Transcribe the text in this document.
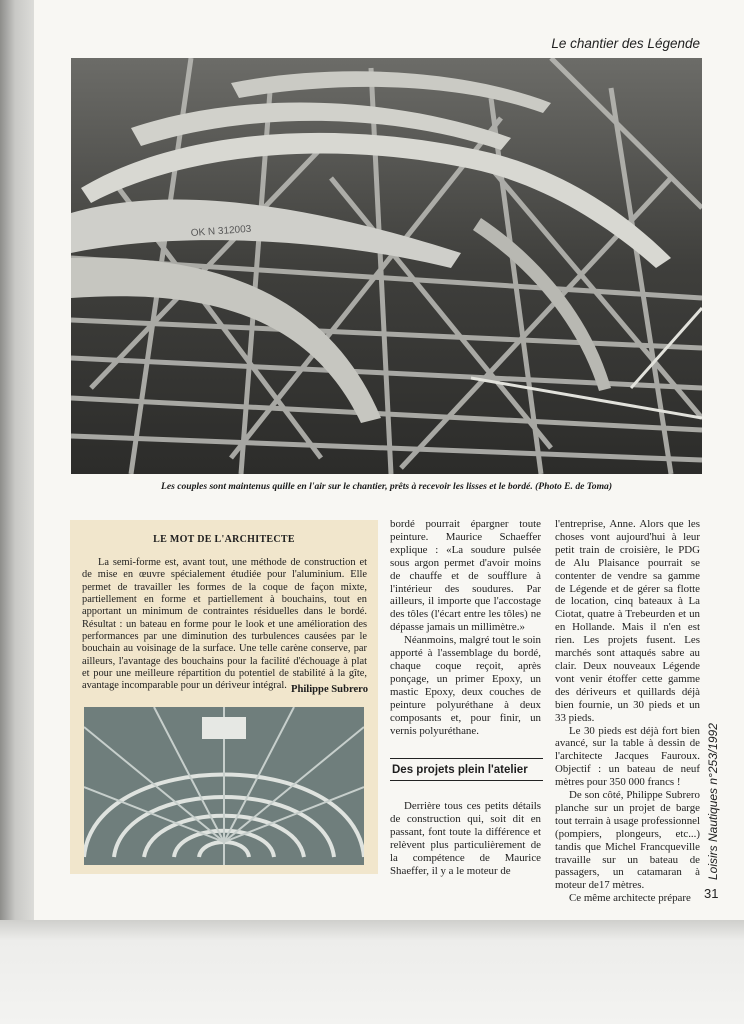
Le chantier des Légende
OK N 312003
Les couples sont maintenus quille en l'air sur le chantier, prêts à recevoir les lisses et le bordé. (Photo E. de Toma)
LE MOT DE L'ARCHITECTE

La semi-forme est, avant tout, une méthode de construction et de mise en œuvre spécialement étudiée pour l'aluminium. Elle permet de travailler les formes de la coque de façon mixte, partiellement en forme et partiellement à bouchains, tout en apportant un minimum de contraintes résiduelles dans le bordé. Résultat : un bateau en forme pour le look et une amélioration des performances par une diminution des turbulences causées par le bouchain au voisinage de la surface. Une telle carène conserve, par ailleurs, l'avantage des bouchains pour la facilité d'échouage à plat et pour une meilleure répartition du potentiel de stabilité à la gîte, avantage incomparable pour un dériveur intégral. Philippe Subrero

bordé pourrait épargner toute peinture. Maurice Schaeffer explique : «La soudure pulsée sous argon permet d'avoir moins de chauffe et de soufflure à l'intérieur des soudures. Par ailleurs, il importe que l'accostage des tôles (l'écart entre les tôles) ne dépasse jamais un millimètre.»

Néanmoins, malgré tout le soin apporté à l'assemblage du bordé, chaque coque reçoit, après ponçage, un primer Epoxy, un mastic Epoxy, deux couches de peinture polyuréthane à deux composants et, pour finir, un vernis polyuréthane.

Des projets plein l'atelier

Derrière tous ces petits détails de construction qui, soit dit en passant, font toute la différence et relèvent plus particulièrement de la compétence de Maurice Shaeffer, il y a le moteur de

l'entreprise, Anne. Alors que les choses vont aujourd'hui à leur petit train de croisière, le PDG de Alu Plaisance pourrait se contenter de vendre sa gamme de Légende et de gérer sa flotte de location, cinq bateaux à La Ciotat, quatre à Trebeurden et un en Hollande. Mais il n'en est rien. Les projets fusent. Les marchés sont attaqués sabre au clair. Deux nouveaux Légende vont venir étoffer cette gamme des dériveurs et quillards déjà bien fournie, un 30 pieds et un 33 pieds.

Le 30 pieds est déjà fort bien avancé, sur la table à dessin de l'architecte Jacques Fauroux. Objectif : un bateau de neuf mètres pour 350 000 francs !

De son côté, Philippe Subrero planche sur un projet de barge tout terrain à usage professionnel (pompiers, plongeurs, etc...) tandis que Michel Francqueville travaille sur un bateau de passagers, un catamaran à moteur de17 mètres.

Ce même architecte prépare

Loisirs Nautiques n°253/1992
31
